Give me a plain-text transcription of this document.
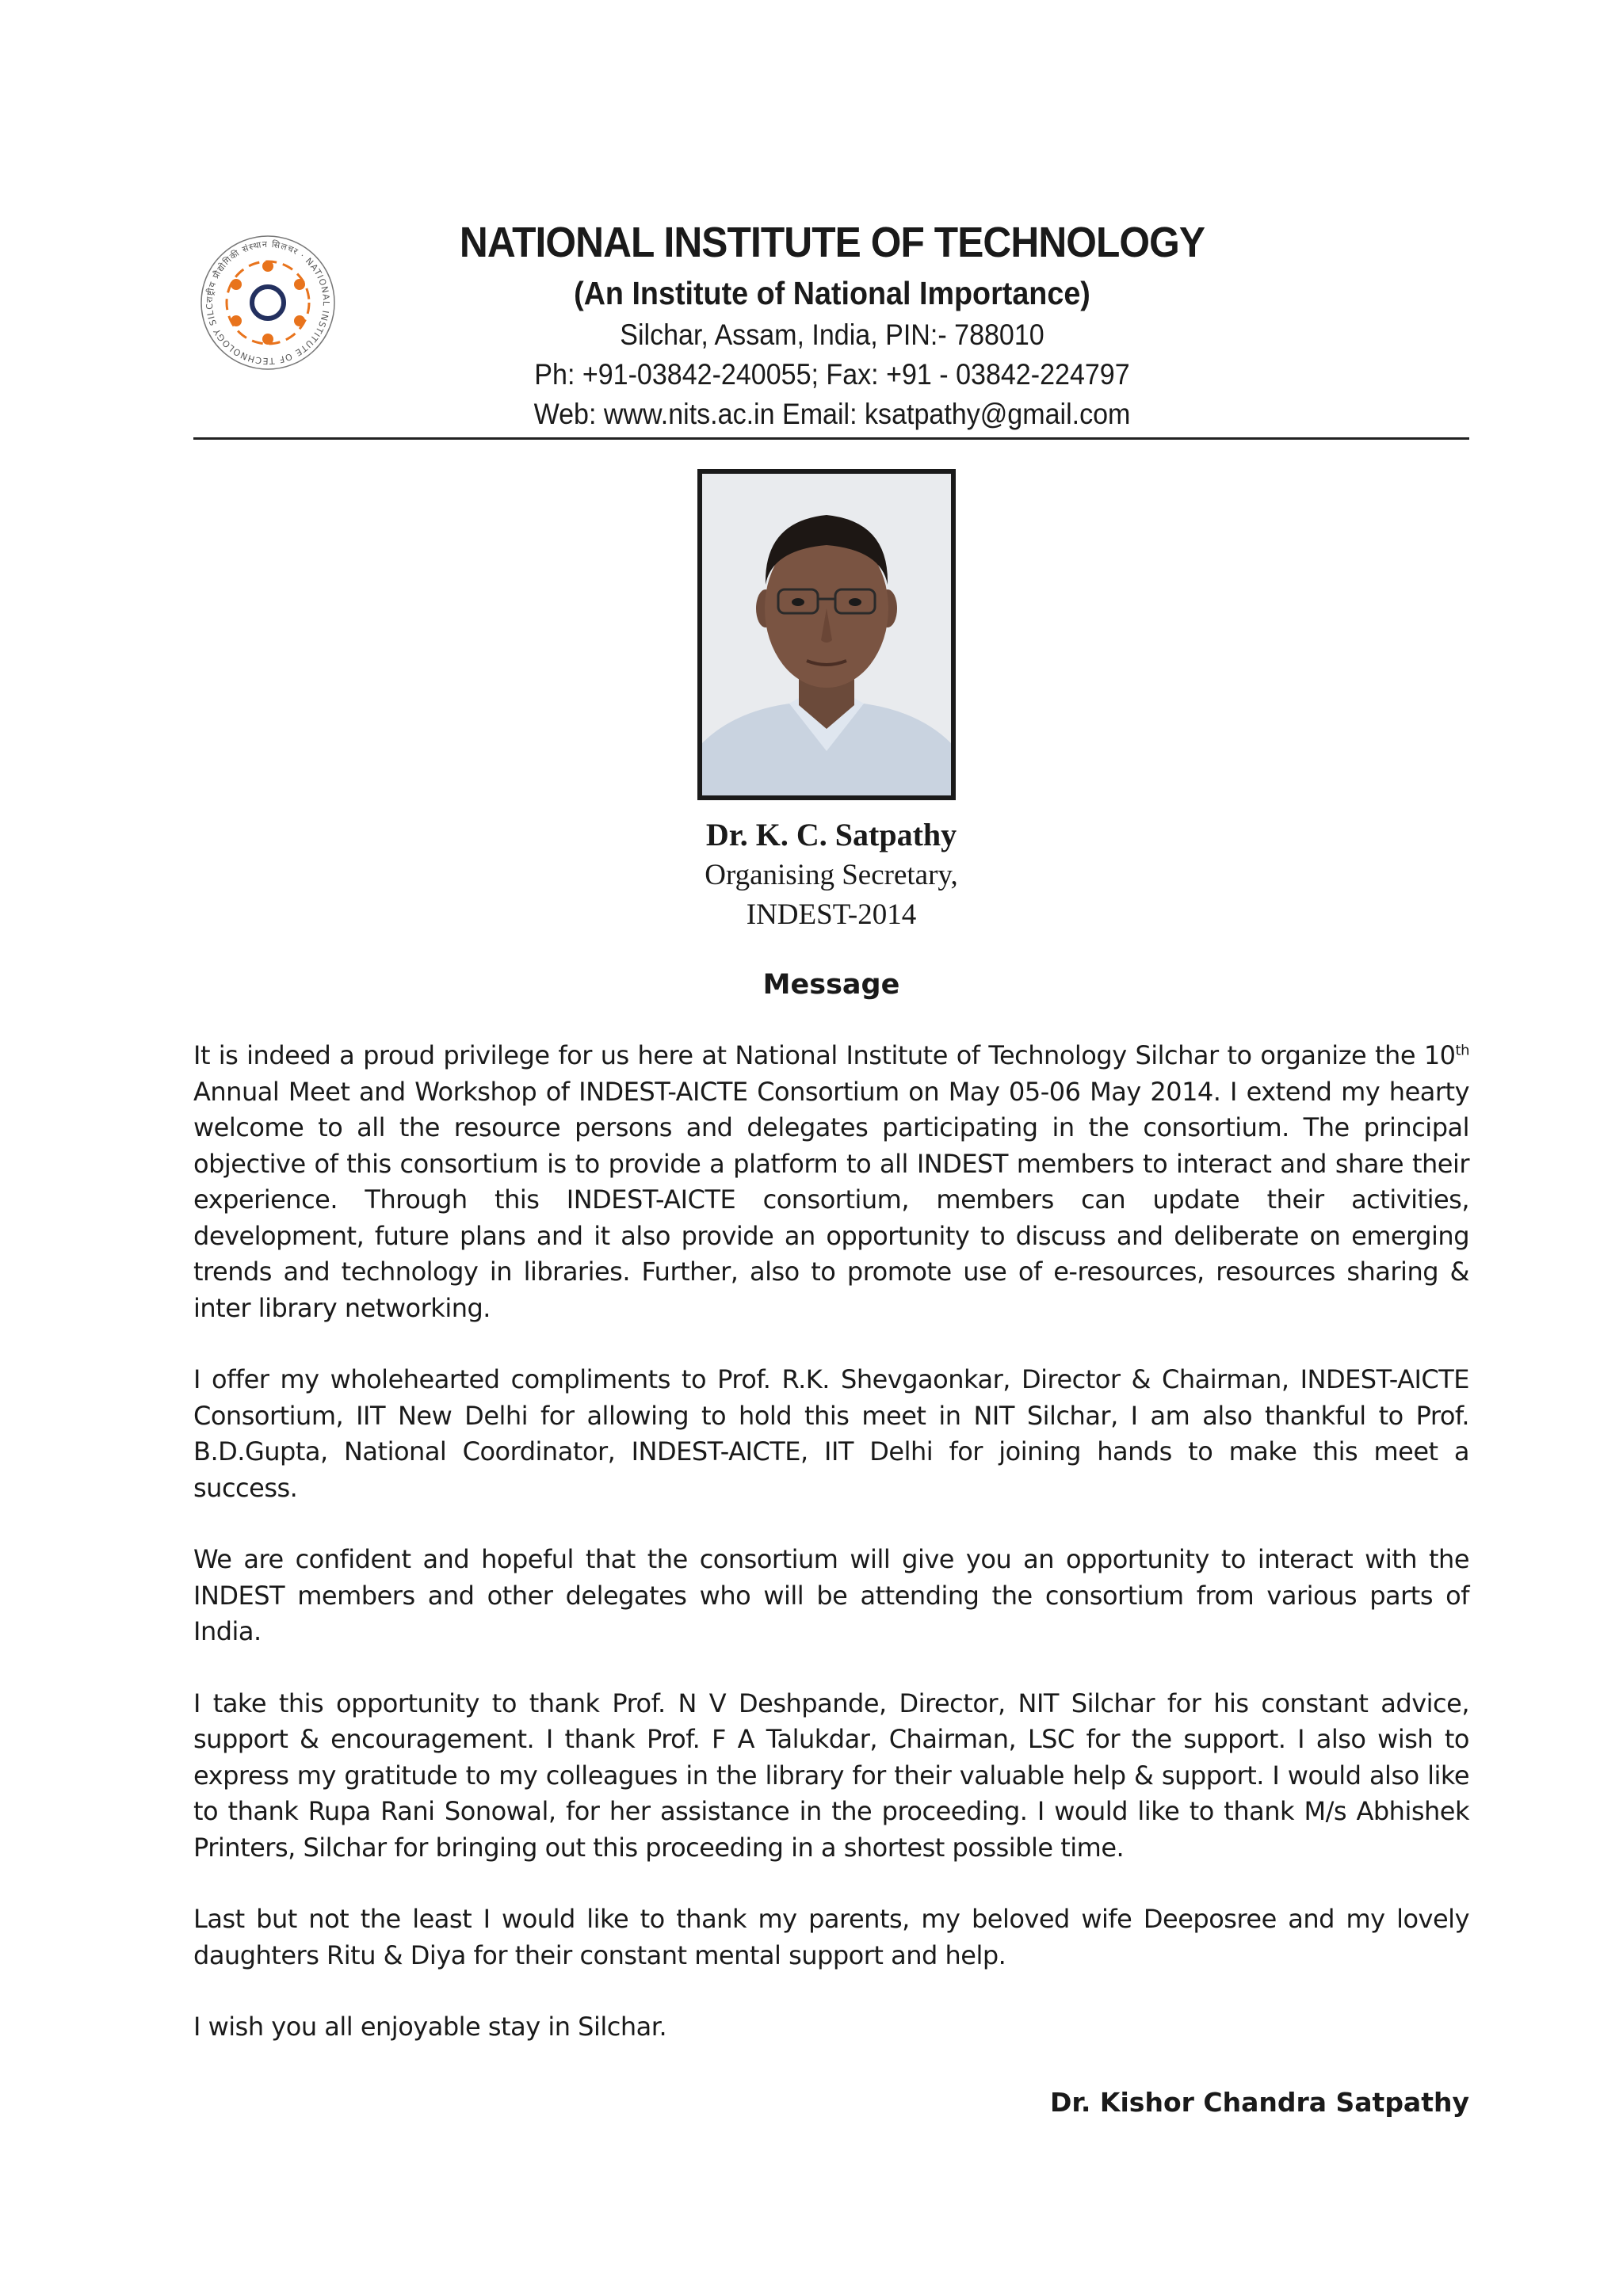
राष्ट्रीय प्रौद्योगिकी संस्थान सिलचर · NATIONAL INSTITUTE OF TECHNOLOGY SILC
NATIONAL INSTITUTE OF TECHNOLOGY
(An Institute of National Importance)
Silchar, Assam, India, PIN:- 788010
Ph: +91-03842-240055; Fax: +91 - 03842-224797
Web: www.nits.ac.in Email: ksatpathy@gmail.com
Dr. K. C. Satpathy
Organising Secretary,
INDEST-2014
Message

It is indeed a proud privilege for us here at National Institute of Technology Silchar to organize the 10th Annual Meet and Workshop of INDEST-AICTE Consortium on May 05-06 May 2014. I extend my hearty welcome to all the resource persons and delegates participating in the consortium. The principal objective of this consortium is to provide a platform to all INDEST members to interact and share their experience. Through this INDEST-AICTE consortium, members can update their activities, development, future plans and it also provide an opportunity to discuss and deliberate on emerging trends and technology in libraries. Further, also to promote use of e-resources, resources sharing & inter library networking.

I offer my wholehearted compliments to Prof. R.K. Shevgaonkar, Director & Chairman, INDEST-AICTE Consortium, IIT New Delhi for allowing to hold this meet in NIT Silchar, I am also thankful to Prof. B.D.Gupta, National Coordinator, INDEST-AICTE, IIT Delhi for joining hands to make this meet a success.

We are confident and hopeful that the consortium will give you an opportunity to interact with the INDEST members and other delegates who will be attending the consortium from various parts of India.

I take this opportunity to thank Prof. N V Deshpande, Director, NIT Silchar for his constant advice, support & encouragement. I thank Prof. F A Talukdar, Chairman, LSC for the support. I also wish to express my gratitude to my colleagues in the library for their valuable help & support. I would also like to thank Rupa Rani Sonowal, for her assistance in the proceeding. I would like to thank M/s Abhishek Printers, Silchar for bringing out this proceeding in a shortest possible time.

Last but not the least I would like to thank my parents, my beloved wife Deeposree and my lovely daughters Ritu & Diya for their constant mental support and help.

I wish you all enjoyable stay in Silchar.

Dr. Kishor Chandra Satpathy
